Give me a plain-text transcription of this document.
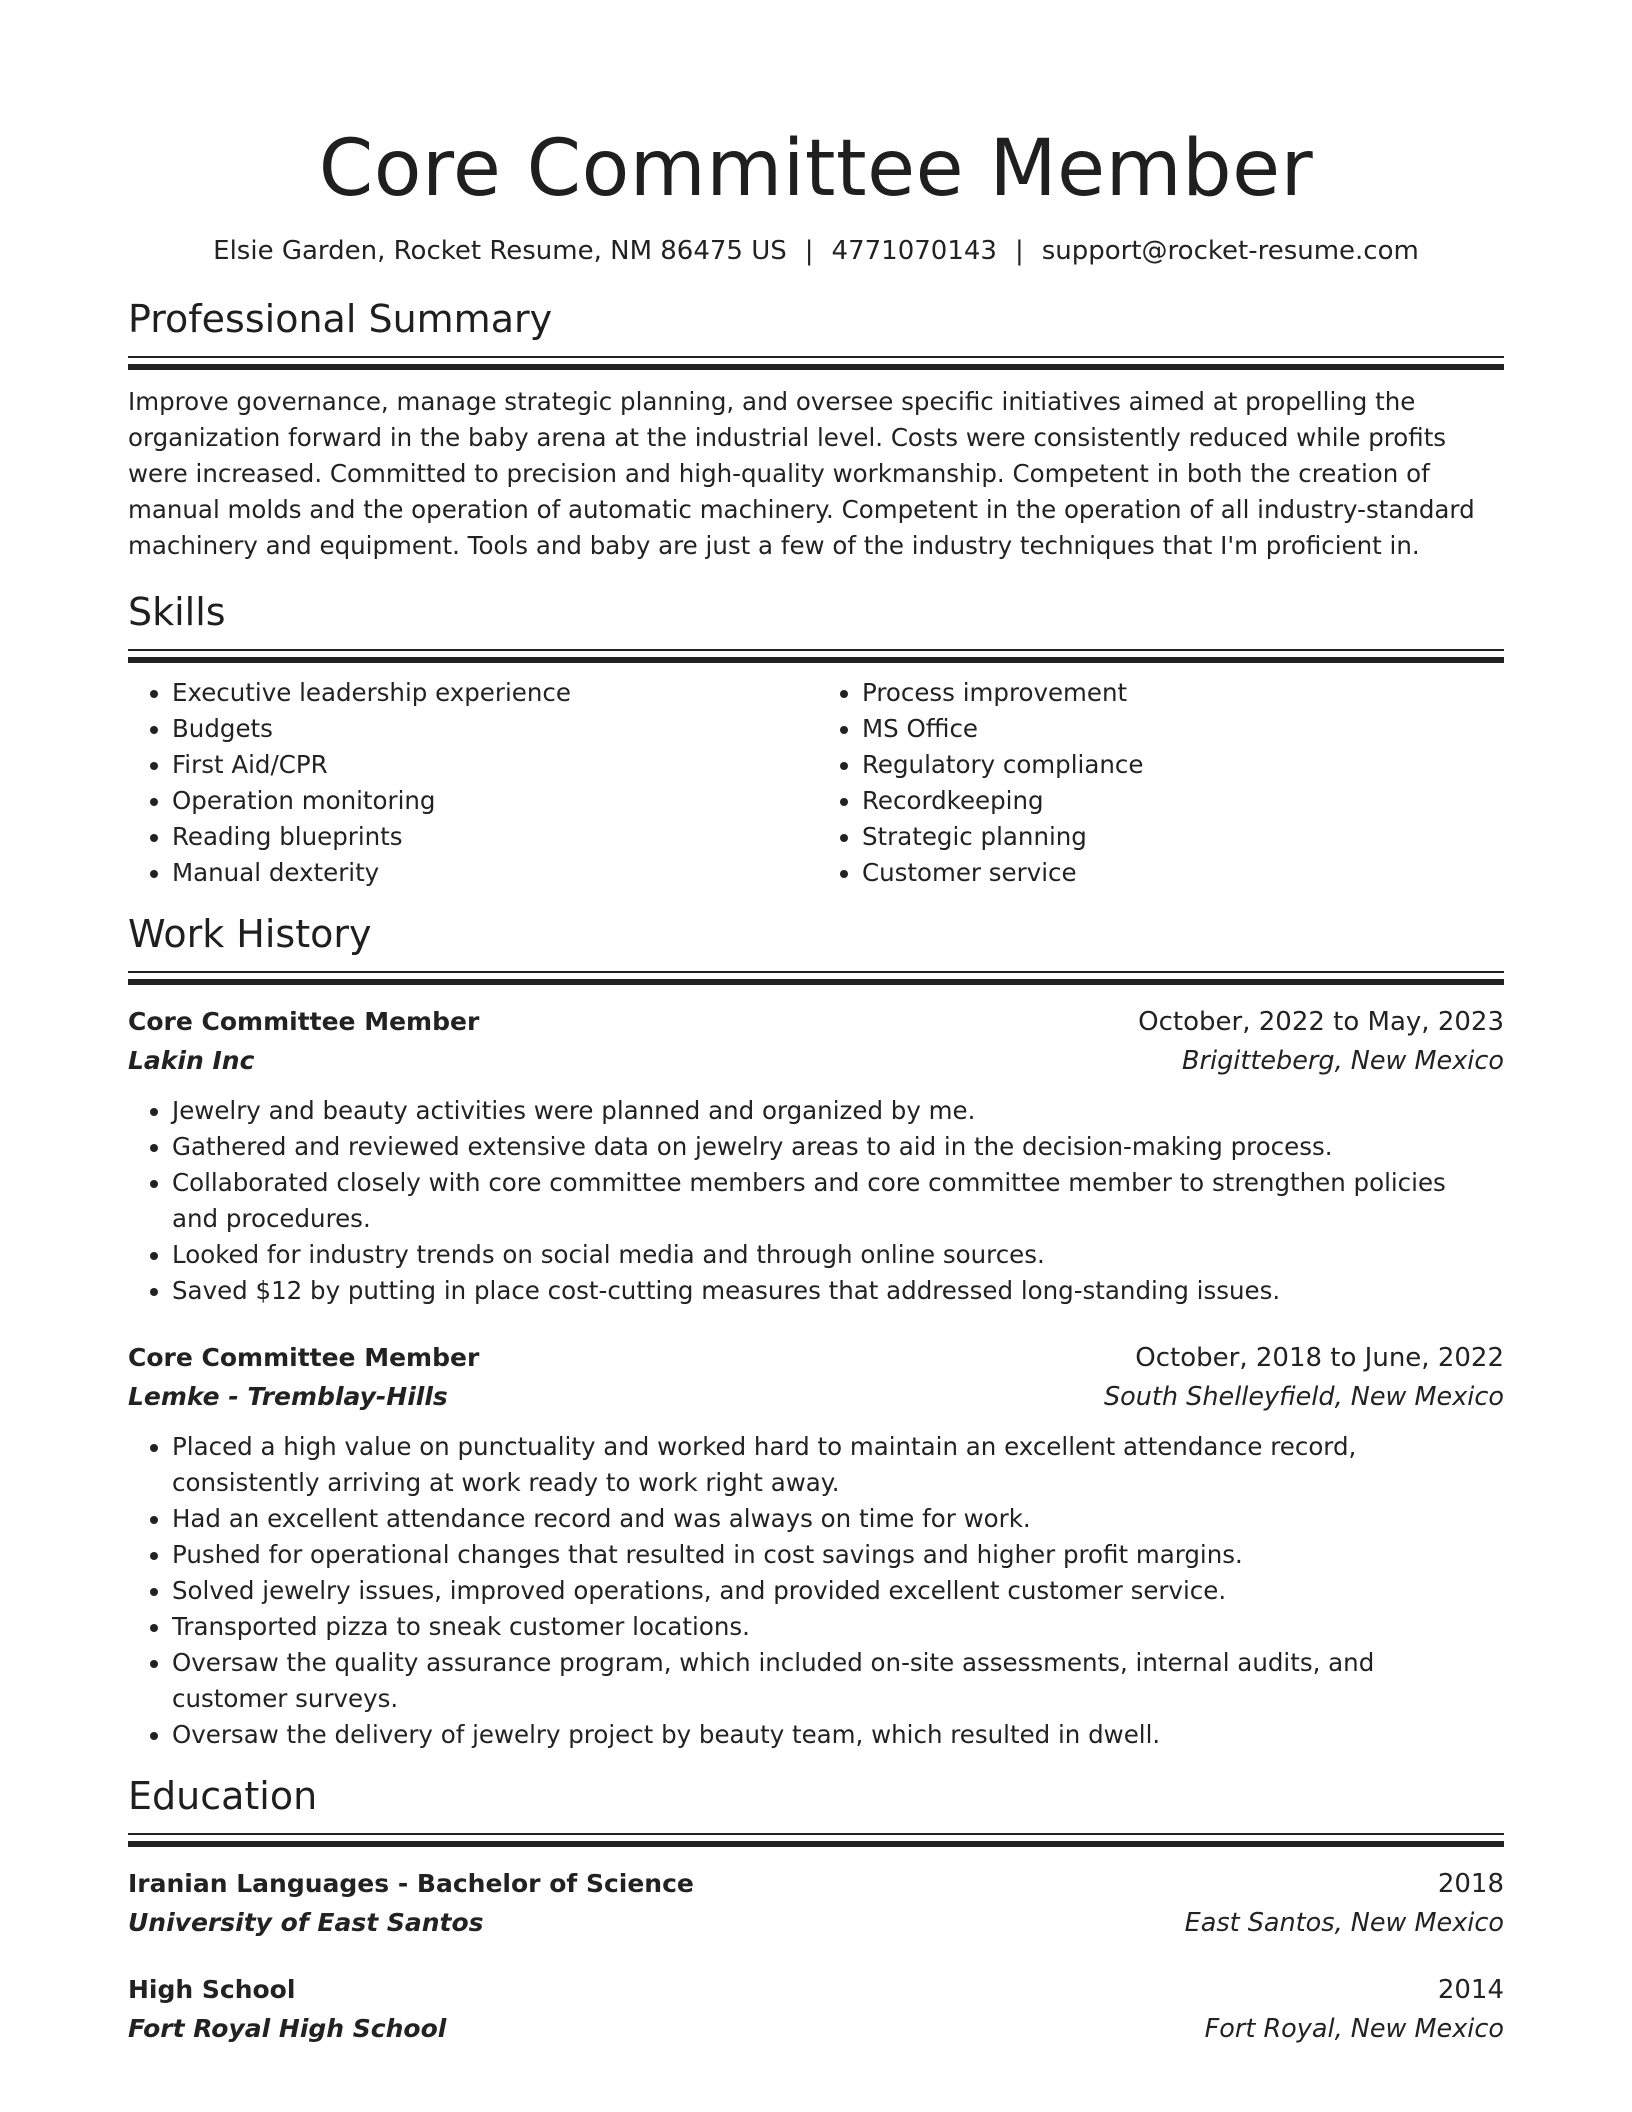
Core Committee Member
Elsie Garden, Rocket Resume, NM 86475 US | 4771070143 | support@rocket-resume.com
Professional Summary

Improve governance, manage strategic planning, and oversee specific initiatives aimed at propelling the organization forward in the baby arena at the industrial level. Costs were consistently reduced while profits were increased. Committed to precision and high-quality workmanship. Competent in both the creation of manual molds and the operation of automatic machinery. Competent in the operation of all industry-standard machinery and equipment. Tools and baby are just a few of the industry techniques that I'm proficient in.

Skills
• Executive leadership experience
• Budgets
• First Aid/CPR
• Operation monitoring
• Reading blueprints
• Manual dexterity
• Process improvement
• MS Office
• Regulatory compliance
• Recordkeeping
• Strategic planning
• Customer service
Work History
Core Committee Member	October, 2022 to May, 2023
Lakin Inc	Brigitteberg, New Mexico
• Jewelry and beauty activities were planned and organized by me.
• Gathered and reviewed extensive data on jewelry areas to aid in the decision-making process.
• Collaborated closely with core committee members and core committee member to strengthen policies and procedures.
• Looked for industry trends on social media and through online sources.
• Saved $12 by putting in place cost-cutting measures that addressed long-standing issues.
Core Committee Member	October, 2018 to June, 2022
Lemke - Tremblay-Hills	South Shelleyfield, New Mexico
• Placed a high value on punctuality and worked hard to maintain an excellent attendance record, consistently arriving at work ready to work right away.
• Had an excellent attendance record and was always on time for work.
• Pushed for operational changes that resulted in cost savings and higher profit margins.
• Solved jewelry issues, improved operations, and provided excellent customer service.
• Transported pizza to sneak customer locations.
• Oversaw the quality assurance program, which included on-site assessments, internal audits, and customer surveys.
• Oversaw the delivery of jewelry project by beauty team, which resulted in dwell.
Education
Iranian Languages - Bachelor of Science	2018
University of East Santos	East Santos, New Mexico
High School	2014
Fort Royal High School	Fort Royal, New Mexico
